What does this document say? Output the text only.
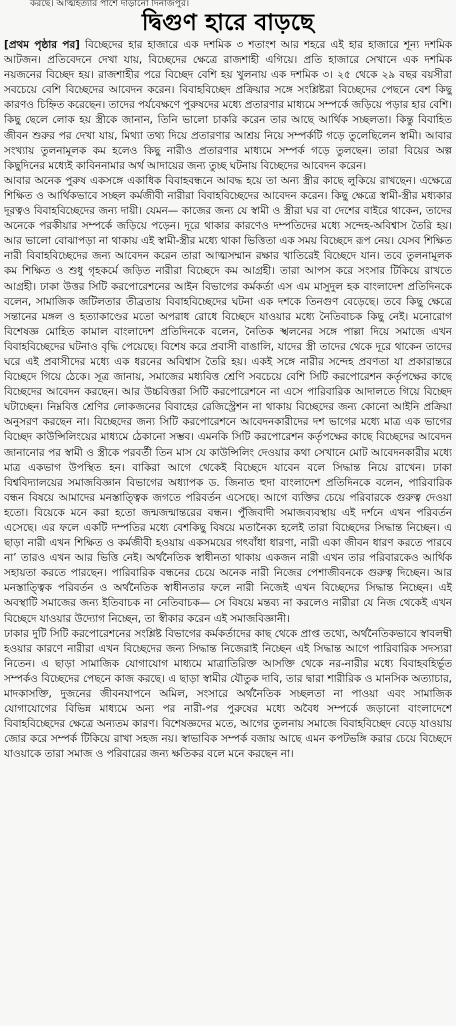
করছে। আত্মহত্যার পাশে দাঁড়ানো দিনাজপুর।
দ্বিগুণ হারে বাড়ছে

[প্রথম পৃষ্ঠার পর] বিচ্ছেদের হার হাজারে এক দশমিক ৩ শতাংশ আর শহরে এই হার হাজারে শূন্য দশমিক আটজন। প্রতিবেদনে দেখা যায়, বিচ্ছেদের ক্ষেত্রে রাজশাহী এগিয়ে। প্রতি হাজারে সেখানে এক দশমিক নয়জনের বিচ্ছেদ হয়। রাজশাহীর পরে বিচ্ছেদ বেশি হয় খুলনায় এক দশমিক ৩। ২৫ থেকে ২৯ বছর বয়সীরা সবচেয়ে বেশি বিচ্ছেদের আবেদন করেন। বিবাহবিচ্ছেদ প্রক্রিয়ার সঙ্গে সংশ্লিষ্টরা বিচ্ছেদের পেছনে বেশ কিছু কারণও চিহ্নিত করেছেন। তাদের পর্যবেক্ষণে পুরুষদের মধ্যে প্রতারণার মাধ্যমে সম্পর্কে জড়িয়ে পড়ার হার বেশি। কিছু ছেলে লোক হয় স্ত্রীকে জানান, তিনি ভালো চাকরি করেন তার আছে আর্থিক সচ্ছলতা। কিন্তু বিবাহিত জীবন শুরুর পর দেখা যায়, মিথ্যা তথ্য দিয়ে প্রতারণার আশ্রয় নিয়ে সম্পর্কটি গড়ে তুলেছিলেন স্বামী। আবার সংখ্যায় তুলনামূলক কম হলেও কিছু নারীও প্রতারণার মাধ্যমে সম্পর্ক গড়ে তুলছেন। তারা বিয়ের অল্প কিছুদিনের মধ্যেই কাবিননামার অর্থ আদায়ের জন্য তুচ্ছ ঘটনায় বিচ্ছেদের আবেদন করেন।

আবার অনেক পুরুষ একসঙ্গে একাধিক বিবাহবন্ধনে আবদ্ধ হয়ে তা অন্য স্ত্রীর কাছে লুকিয়ে রাখছেন। এক্ষেত্রে শিক্ষিত ও আর্থিকভাবে সচ্ছল কর্মজীবী নারীরা বিবাহবিচ্ছেদের আবেদন করেন। কিছু ক্ষেত্রে স্বামী-স্ত্রীর মধ্যকার দূরত্বও বিবাহবিচ্ছেদের জন্য দায়ী। যেমন— কাজের জন্য যে স্বামী ও স্ত্রীরা ঘর বা দেশের বাইরে থাকেন, তাদের অনেকে পরকীয়ার সম্পর্কে জড়িয়ে পড়েন। দূরে থাকার কারণেও দম্পতিদের মধ্যে সন্দেহ-অবিশ্বাস তৈরি হয়। আর ভালো বোঝাপড়া না থাকায় এই স্বামী-স্ত্রীর মধ্যে থাকা ভিত্তিতা এক সময় বিচ্ছেদে রূপ নেয়। যেসব শিক্ষিত নারী বিবাহবিচ্ছেদের জন্য আবেদন করেন তারা আত্মসম্মান রক্ষার খাতিরেই বিচ্ছেদে যান। তবে তুলনামূলক কম শিক্ষিত ও শুধু গৃহকর্মে জড়িত নারীরা বিচ্ছেদে কম আগ্রহী। তারা আপস করে সংসার টিকিয়ে রাখতে আগ্রহী। ঢাকা উত্তর সিটি করপোরেশনের আইন বিভাগের কর্মকর্তা এস এম মাসুদুল হক বাংলাদেশ প্রতিদিনকে বলেন, সামাজিক জটিলতার তীব্রতায় বিবাহবিচ্ছেদের ঘটনা এক দশকে তিনগুণ বেড়েছে। তবে কিছু ক্ষেত্রে সন্তানের মঙ্গল ও হত্যাকাণ্ডের মতো অপরাধ রোধে বিচ্ছেদে যাওয়ার মধ্যে নৈতিবাচক কিছু নেই। মনোরোগ বিশেষজ্ঞ মোহিত কামাল বাংলাদেশ প্রতিদিনকে বলেন, নৈতিক স্খলনের সঙ্গে পাল্লা দিয়ে সমাজে এখন বিবাহবিচ্ছেদের ঘটনাও বৃদ্ধি পেয়েছে। বিশেষ করে প্রবাসী বাঙালি, যাদের স্ত্রী তাদের থেকে দূরে থাকেন তাদের ঘরে এই প্রবাসীদের মধ্যে এক ধরনের অবিশ্বাস তৈরি হয়। একই সঙ্গে নারীর সন্দেহ প্রবণতা যা প্রকারান্তরে বিচ্ছেদে গিয়ে ঠেকে। সূত্র জানায়, সমাজের মধ্যবিত্ত শ্রেণি সবচেয়ে বেশি সিটি করপোরেশন কর্তৃপক্ষের কাছে বিচ্ছেদের আবেদন করছেন। আর উচ্চবিত্তরা সিটি করপোরেশনে না এসে পারিবারিক আদালতে গিয়ে বিচ্ছেদ ঘটাচ্ছেন। নিম্নবিত্ত শ্রেণির লোকজনের বিবাহের রেজিস্ট্রেশন না থাকায় বিচ্ছেদের জন্য কোনো আইনি প্রক্রিয়া অনুসরণ করছেন না। বিচ্ছেদের জন্য সিটি করপোরেশনে আবেদনকারীদের দশ ভাগের মধ্যে মাত্র এক ভাগের বিচ্ছেদ কাউন্সিলিংয়ের মাধ্যমে ঠেকানো সম্ভব। এমনকি সিটি করপোরেশন কর্তৃপক্ষের কাছে বিচ্ছেদের আবেদন জানানোর পর স্বামী ও স্ত্রীকে পরবর্তী তিন মাস যে কাউন্সিলিং দেওয়ার কথা সেখানে মোট আবেদনকারীর মধ্যে মাত্র একভাগ উপস্থিত হন। বাকিরা আগে থেকেই বিচ্ছেদে যাবেন বলে সিদ্ধান্ত নিয়ে রাখেন। ঢাকা বিশ্ববিদ্যালয়ের সমাজবিজ্ঞান বিভাগের অধ্যাপক ড. জিনাত হুদা বাংলাদেশ প্রতিদিনকে বলেন, পারিবারিক বন্ধন বিষয়ে আমাদের মনস্তাত্ত্বিক জগতে পরিবর্তন এসেছে। আগে ব্যক্তির চেয়ে পরিবারকে গুরুত্ব দেওয়া হতো। বিয়েকে মনে করা হতো জন্মজন্মান্তরের বন্ধন। পুঁজিবাদী সমাজব্যবস্থায় এই দর্শনে এখন পরিবর্তন এসেছে। এর ফলে একটি দম্পতির মধ্যে বেশকিছু বিষয়ে মতানৈক্য হলেই তারা বিচ্ছেদের সিদ্ধান্ত নিচ্ছেন। এ ছাড়া নারী এখন শিক্ষিত ও কর্মজীবী হওয়ায় একসময়ের গৎবাঁধা ধারণা, নারী একা জীবন ধারণ করতে পারবে না’ তারও এখন আর ভিত্তি নেই। অর্থনৈতিক স্বাধীনতা থাকায় একজন নারী এখন তার পরিবারকেও আর্থিক সহায়তা করতে পারছেন। পারিবারিক বন্ধনের চেয়ে অনেক নারী নিজের পেশাজীবনকে গুরুত্ব দিচ্ছেন। আর মনস্তাত্ত্বিক পরিবর্তন ও অর্থনৈতিক স্বাধীনতার ফলে নারী নিজেই এখন বিচ্ছেদের সিদ্ধান্ত নিচ্ছেন। এই অবস্থাটি সমাজের জন্য ইতিবাচক না নেতিবাচক— সে বিষয়ে মন্তব্য না করলেও নারীরা যে নিজ থেকেই এখন বিচ্ছেদে যাওয়ার উদ্যোগ নিচ্ছেন, তা স্বীকার করেন এই সমাজবিজ্ঞানী।

ঢাকার দুটি সিটি করপোরেশনের সংশ্লিষ্ট বিভাগের কর্মকর্তাদের কাছ থেকে প্রাপ্ত তথ্যে, অর্থনৈতিকভাবে স্বাবলম্বী হওয়ার কারণে নারীরা এখন বিচ্ছেদের জন্য সিদ্ধান্ত নিজেরাই নিচ্ছেন এই সিদ্ধান্ত আগে পারিবারিক সদস্যরা নিতেন। এ ছাড়া সামাজিক যোগাযোগ মাধ্যমে মাত্রাতিরিক্ত আসক্তি থেকে নর-নারীর মধ্যে বিবাহবহির্ভূত সম্পর্কও বিচ্ছেদের পেছনে কাজ করছে। এ ছাড়া স্বামীর যৌতুক দাবি, তার দ্বারা শারীরিক ও মানসিক অত্যাচার, মাদকাসক্তি, দুজনের জীবনযাপনে অমিল, সংসারে অর্থনৈতিক সচ্ছলতা না পাওয়া এবং সামাজিক যোগাযোগের বিভিন্ন মাধ্যমে অন্য পর নারী-পর পুরুষের মধ্যে অবৈধ সম্পর্কে জড়ানো বাংলাদেশে বিবাহবিচ্ছেদের ক্ষেত্রে অন্যতম কারণ। বিশেষজ্ঞদের মতে, আগের তুলনায় সমাজে বিবাহবিচ্ছেদ বেড়ে যাওয়ায় জোর করে সম্পর্ক টিকিয়ে রাখা সহজ নয়। স্বাভাবিক সম্পর্ক বজায় আছে এমন কপটভঙ্গি করার চেয়ে বিচ্ছেদে যাওয়াকে তারা সমাজ ও পরিবারের জন্য ক্ষতিকর বলে মনে করছেন না।
